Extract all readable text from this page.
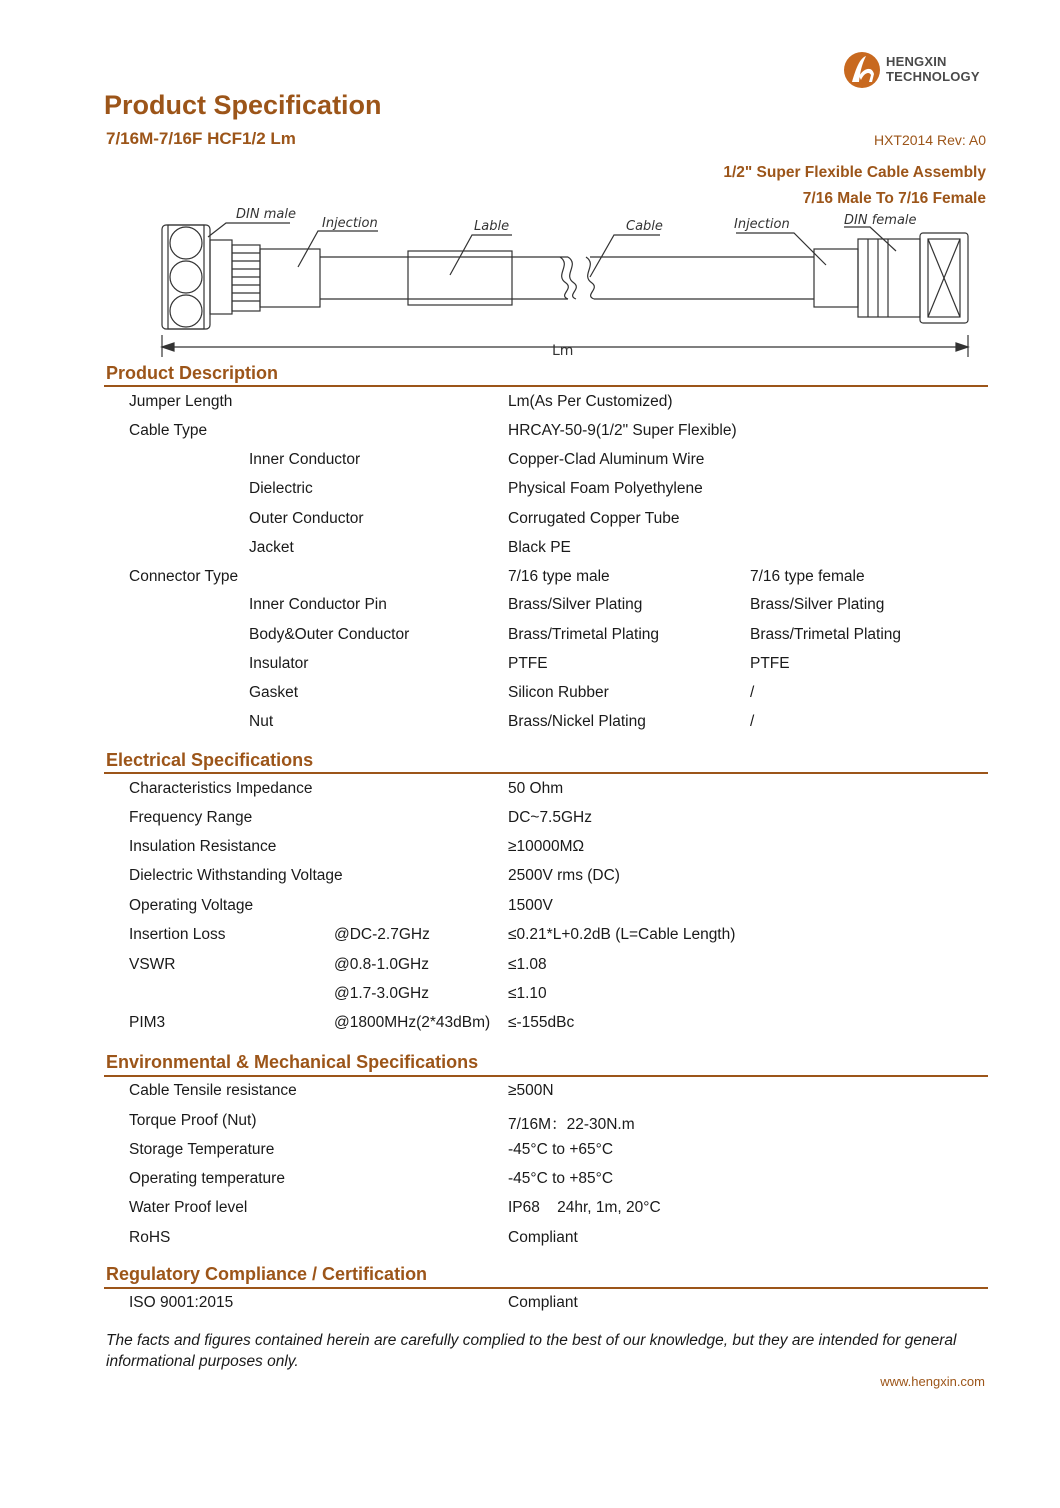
HENGXIN
TECHNOLOGY
Product Specification
7/16M-7/16F HCF1/2 Lm	HXT2014 Rev: A0
1/2" Super Flexible Cable Assembly
7/16 Male To 7/16 Female
DIN male
Injection	Lable	Cable	Injection	DIN female
Lm
Product Description
Jumper Length	Lm(As Per Customized)
Cable Type	HRCAY-50-9(1/2" Super Flexible)
Inner Conductor	Copper-Clad Aluminum Wire
Dielectric	Physical Foam Polyethylene
Outer Conductor	Corrugated Copper Tube
Jacket	Black PE
Connector Type	7/16 type male	7/16 type female
Inner Conductor Pin	Brass/Silver Plating	Brass/Silver Plating
Body&Outer Conductor	Brass/Trimetal Plating	Brass/Trimetal Plating
Insulator	PTFE	PTFE
Gasket	Silicon Rubber	/
Nut	Brass/Nickel Plating	/
Electrical Specifications
Characteristics Impedance	50 Ohm
Frequency Range	DC~7.5GHz
Insulation Resistance	≥10000MΩ
Dielectric Withstanding Voltage	2500V rms (DC)
Operating Voltage	1500V
Insertion Loss	@DC-2.7GHz	≤0.21*L+0.2dB (L=Cable Length)
VSWR	@0.8-1.0GHz	≤1.08
@1.7-3.0GHz	≤1.10
PIM3	@1800MHz(2*43dBm) ≤-155dBc
Environmental & Mechanical Specifications
Cable Tensile resistance	≥500N
Torque Proof (Nut)	7/16M：22-30N.m
Storage Temperature	-45°C to +65°C
Operating temperature	-45°C to +85°C
Water Proof level	IP68    24hr, 1m, 20°C
RoHS	Compliant
Regulatory Compliance / Certification
ISO 9001:2015	Compliant
The facts and figures contained herein are carefully complied to the best of our knowledge, but they are intended for general informational purposes only.
www.hengxin.com
